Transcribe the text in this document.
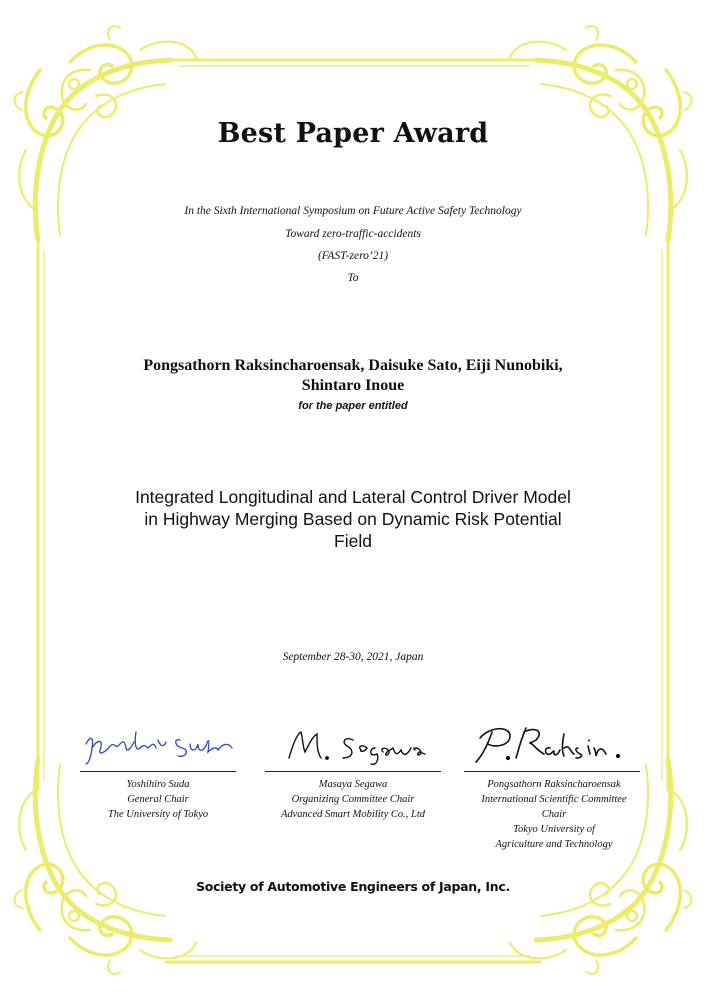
Best Paper Award
In the Sixth International Symposium on Future Active Safety Technology
Toward zero-traffic-accidents
(FAST-zero’21)
To
Pongsathorn Raksincharoensak, Daisuke Sato, Eiji Nunobiki,
Shintaro Inoue
for the paper entitled
Integrated Longitudinal and Lateral Control Driver Model
in Highway Merging Based on Dynamic Risk Potential
Field
September 28-30, 2021, Japan
Yoshihiro Suda
General Chair
The University of Tokyo
Masaya Segawa
Organizing Committee Chair
Advanced Smart Mobility Co., Ltd
Pongsathorn Raksincharoensak
International Scientific Committee Chair
Tokyo University of
Agriculture and Technology
Society of Automotive Engineers of Japan, Inc.
